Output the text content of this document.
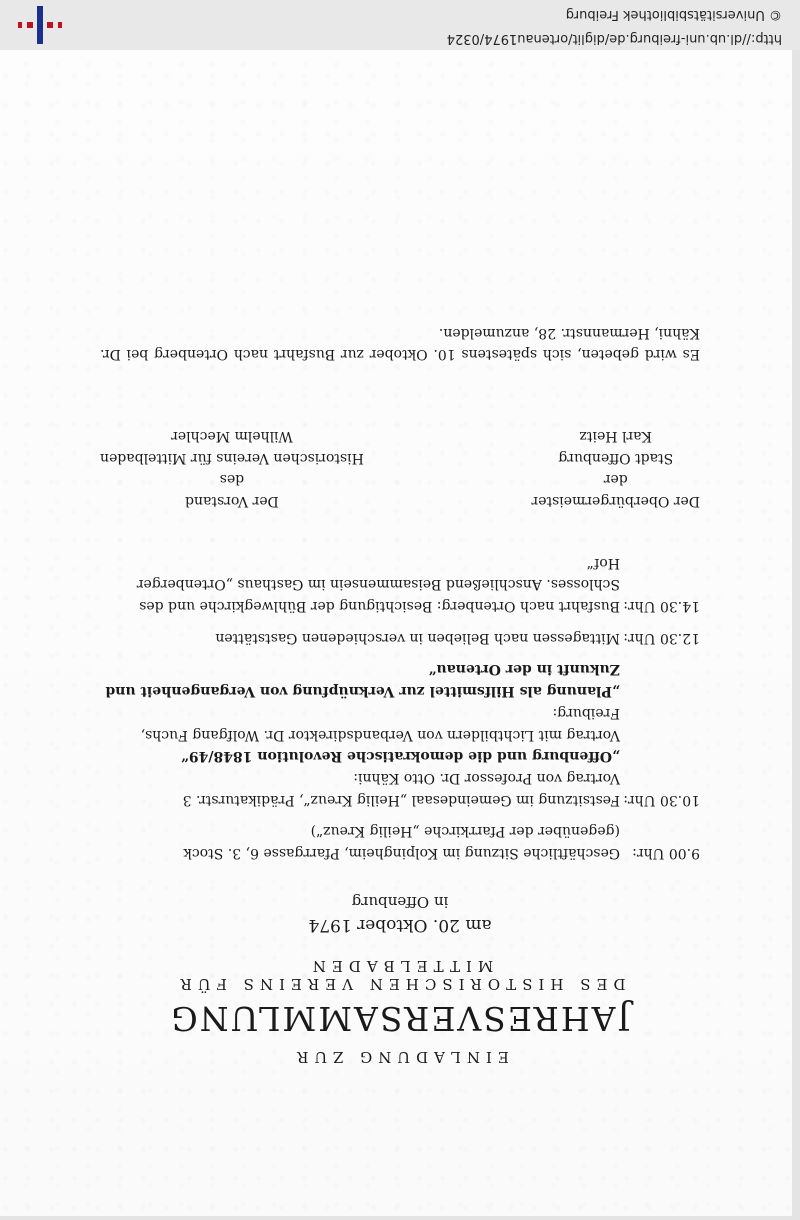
EINLADUNG ZUR

JAHRESVERSAMMLUNG

DES HISTORISCHEN VEREINS FÜR MITTELBADEN

am 20. Oktober 1974
in Offenburg
9.00 Uhr:

Geschäftliche Sitzung im Kolpingheim, Pfarrgasse 6, 3. Stock (gegenüber der Pfarrkirche „Heilig Kreuz“)

10.30 Uhr:

Festsitzung im Gemeindesaal „Heilig Kreuz“, Prädikaturstr. 3

Vortrag von Professor Dr. Otto Kähni:

„Offenburg und die demokratische Revolution 1848/49“

Vortrag mit Lichtbildern von Verbandsdirektor Dr. Wolfgang Fuchs, Freiburg:

„Planung als Hilfsmittel zur Verknüpfung von Vergangenheit und Zukunft in der Ortenau“

12.30 Uhr:

Mittagessen nach Belieben in verschiedenen Gaststätten

14.30 Uhr:

Busfahrt nach Ortenberg: Besichtigung der Bühlwegkirche und des Schlosses. Anschließend Beisammensein im Gasthaus „Ortenberger Hof“

Der Oberbürgermeister
der
Stadt Offenburg
Karl Heitz
Der Vorstand
des
Historischen Vereins für Mittelbaden
Wilhelm Mechler

Es wird gebeten, sich spätestens 10. Oktober zur Busfahrt nach Ortenberg bei Dr. Kähni, Hermannstr. 28, anzumelden.

http://dl.ub.uni-freiburg.de/diglit/ortenau1974/0324
© Universitätsbibliothek Freiburg
